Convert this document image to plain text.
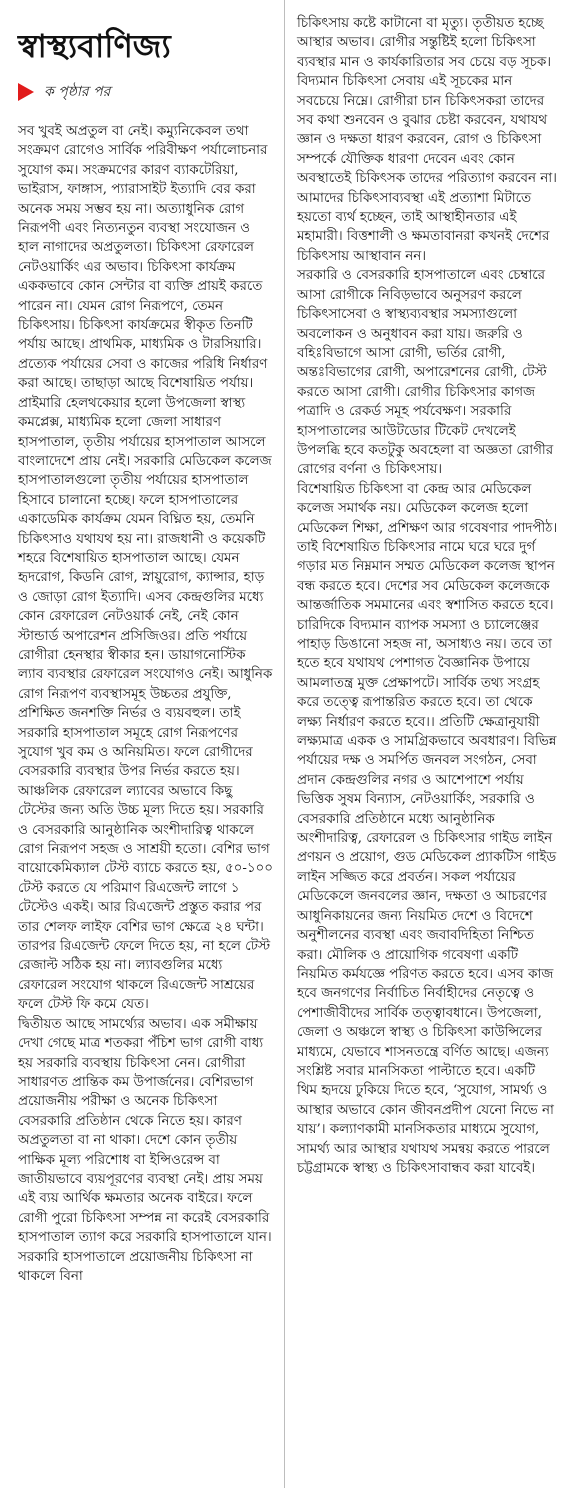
স্বাস্থ্যবাণিজ্য
ক পৃষ্ঠার পর

সব খুবই অপ্রতুল বা নেই। কম্যুনিকেবল তথা সংক্রমণ রোগেও সার্বিক পরিবীক্ষণ পর্যালোচনার সুযোগ কম। সংক্রমণের কারণ ব্যাকটেরিয়া, ভাইরাস, ফাঙ্গাস, প্যারাসাইট ইত্যাদি বের করা অনেক সময় সম্ভব হয় না। অত্যাধুনিক রোগ নিরূপণী এবং নিত্যনতুন ব্যবস্থা সংযোজন ও হাল নাগাদের অপ্রতুলতা। চিকিৎসা রেফারেল নেটওয়ার্কিং এর অভাব। চিকিৎসা কার্যক্রম এককভাবে কোন সেন্টার বা ব্যক্তি প্রায়ই করতে পারেন না। যেমন রোগ নিরূপণে, তেমন চিকিৎসায়। চিকিৎসা কার্যক্রমের স্বীকৃত তিনটি পর্যায় আছে। প্রাথমিক, মাধ্যমিক ও টারসিয়ারি। প্রত্যেক পর্যায়ের সেবা ও কাজের পরিধি নির্ধারণ করা আছে। তাছাড়া আছে বিশেষায়িত পর্যায়। প্রাইমারি হেলথকেয়ার হলো উপজেলা স্বাস্থ্য কমপ্লেক্স, মাধ্যমিক হলো জেলা সাধারণ হাসপাতাল, তৃতীয় পর্যায়ের হাসপাতাল আসলে বাংলাদেশে প্রায় নেই। সরকারি মেডিকেল কলেজ হাসপাতালগুলো তৃতীয় পর্যায়ের হাসপাতাল হিসাবে চালানো হচ্ছে। ফলে হাসপাতালের একাডেমিক কার্যক্রম যেমন বিঘ্নিত হয়, তেমনি চিকিৎসাও যথাযথ হয় না। রাজধানী ও কয়েকটি শহরে বিশেষায়িত হাসপাতাল আছে। যেমন হৃদরোগ, কিডনি রোগ, স্নায়ুরোগ, ক্যান্সার, হাড় ও জোড়া রোগ ইত্যাদি। এসব কেন্দ্রগুলির মধ্যে কোন রেফারেল নেটওয়ার্ক নেই, নেই কোন স্টান্ডার্ড অপারেশন প্রসিজিওর। প্রতি পর্যায়ে রোগীরা হেনস্থার স্বীকার হন। ডায়াগনোস্টিক ল্যাব ব্যবস্থার রেফারেল সংযোগও নেই। আধুনিক রোগ নিরূপণ ব্যবস্থাসমূহ উচ্চতর প্রযুক্তি, প্রশিক্ষিত জনশক্তি নির্ভর ও ব্যয়বহুল। তাই সরকারি হাসপাতাল সমূহে রোগ নিরূপণের সুযোগ খুব কম ও অনিয়মিত। ফলে রোগীদের বেসরকারি ব্যবস্থার উপর নির্ভর করতে হয়। আঞ্চলিক রেফারেল ল্যাবের অভাবে কিছু টেস্টের জন্য অতি উচ্চ মূল্য দিতে হয়। সরকারি ও বেসরকারি আনুষ্ঠানিক অংশীদারিত্ব থাকলে রোগ নিরূপণ সহজ ও সাশ্রয়ী হতো। বেশির ভাগ বায়োকেমিক্যাল টেস্ট ব্যাচে করতে হয়, ৫০-১০০ টেস্ট করতে যে পরিমাণ রিএজেন্ট লাগে ১ টেস্টেও একই। আর রিএজেন্ট প্রস্তুত করার পর তার শেলফ লাইফ বেশির ভাগ ক্ষেত্রে ২৪ ঘন্টা। তারপর রিএজেন্ট ফেলে দিতে হয়, না হলে টেস্ট রেজাল্ট সঠিক হয় না। ল্যাবগুলির মধ্যে রেফারেল সংযোগ থাকলে রিএজেন্ট সাশ্রয়ের ফলে টেস্ট ফি কমে যেত।

দ্বিতীয়ত আছে সামর্থ্যের অভাব। এক সমীক্ষায় দেখা গেছে মাত্র শতকরা পঁচিশ ভাগ রোগী বাধ্য হয় সরকারি ব্যবস্থায় চিকিৎসা নেন। রোগীরা সাধারণত প্রান্তিক কম উপার্জনের। বেশিরভাগ প্রয়োজনীয় পরীক্ষা ও অনেক চিকিৎসা বেসরকারি প্রতিষ্ঠান থেকে নিতে হয়। কারণ অপ্রতুলতা বা না থাকা। দেশে কোন তৃতীয় পাক্ষিক মূল্য পরিশোধ বা ইন্সিওরেন্স বা জাতীয়ভাবে ব্যয়পূরণের ব্যবস্থা নেই। প্রায় সময় এই ব্যয় আর্থিক ক্ষমতার অনেক বাইরে। ফলে রোগী পুরো চিকিৎসা সম্পন্ন না করেই বেসরকারি হাসপাতাল ত্যাগ করে সরকারি হাসপাতালে যান। সরকারি হাসপাতালে প্রয়োজনীয় চিকিৎসা না থাকলে বিনা

চিকিৎসায় কষ্টে কাটানো বা মৃত্যু। তৃতীয়ত হচ্ছে আস্থার অভাব। রোগীর সন্তুষ্টিই হলো চিকিৎসা ব্যবস্থার মান ও কার্যকারিতার সব চেয়ে বড় সূচক। বিদ্যমান চিকিৎসা সেবায় এই সূচকের মান সবচেয়ে নিম্নে। রোগীরা চান চিকিৎসকরা তাদের সব কথা শুনবেন ও বুঝার চেষ্টা করবেন, যথাযথ জ্ঞান ও দক্ষতা ধারণ করবেন, রোগ ও চিকিৎসা সম্পর্কে যৌক্তিক ধারণা দেবেন এবং কোন অবস্থাতেই চিকিৎসক তাদের পরিত্যাগ করবেন না। আমাদের চিকিৎসাব্যবস্থা এই প্রত্যাশা মিটাতে হয়তো ব্যর্থ হচ্ছেন, তাই আস্থাহীনতার এই মহামারী। বিত্তশালী ও ক্ষমতাবানরা কখনই দেশের চিকিৎসায় আস্থাবান নন।

সরকারি ও বেসরকারি হাসপাতালে এবং চেম্বারে আসা রোগীকে নিবিড়ভাবে অনুসরণ করলে চিকিৎসাসেবা ও স্বাস্থ্যব্যবস্থার সমস্যাগুলো অবলোকন ও অনুধাবন করা যায়। জরুরি ও বহিঃবিভাগে আসা রোগী, ভর্তির রোগী, অন্তঃবিভাগের রোগী, অপারেশনের রোগী, টেস্ট করতে আসা রোগী। রোগীর চিকিৎসার কাগজ পত্রাদি ও রেকর্ড সমূহ পর্যবেক্ষণ। সরকারি হাসপাতালের আউটডোর টিকেট দেখলেই উপলব্ধি হবে কতটুকু অবহেলা বা অজ্ঞতা রোগীর রোগের বর্ণনা ও চিকিৎসায়।

বিশেষায়িত চিকিৎসা বা কেন্দ্র আর মেডিকেল কলেজ সমার্থক নয়। মেডিকেল কলেজ হলো মেডিকেল শিক্ষা, প্রশিক্ষণ আর গবেষণার পাদপীঠ। তাই বিশেষায়িত চিকিৎসার নামে ঘরে ঘরে দুর্গ গড়ার মত নিম্নমান সম্মত মেডিকেল কলেজ স্থাপন বন্ধ করতে হবে। দেশের সব মেডিকেল কলেজকে আন্তর্জাতিক সমমানের এবং স্বশাসিত করতে হবে।

চারিদিকে বিদ্যমান ব্যাপক সমস্যা ও চ্যালেঞ্জের পাহাড় ডিঙানো সহজ না, অসাধ্যও নয়। তবে তা হতে হবে যথাযথ পেশাগত বৈজ্ঞানিক উপায়ে আমলাতন্ত্র মুক্ত প্রেক্ষাপটে। সার্বিক তথ্য সংগ্রহ করে তত্ত্বে রূপান্তরিত করতে হবে। তা থেকে লক্ষ্য নির্ধারণ করতে হবে।। প্রতিটি ক্ষেত্রানুযায়ী লক্ষ্যমাত্র একক ও সামগ্রিকভাবে অবধারণ। বিভিন্ন পর্যায়ের দক্ষ ও সমর্পিত জনবল সংগঠন, সেবা প্রদান কেন্দ্রগুলির নগর ও আশেপাশে পর্যায় ভিত্তিক সুষম বিন্যাস, নেটওয়ার্কিং, সরকারি ও বেসরকারি প্রতিষ্ঠানে মধ্যে আনুষ্ঠানিক অংশীদারিত্ব, রেফারেল ও চিকিৎসার গাইড লাইন প্রণয়ন ও প্রয়োগ, গুড মেডিকেল প্র্যাকটিস গাইড লাইন সজ্জিত করে প্রবর্তন। সকল পর্যায়ের মেডিকেলে জনবলের জ্ঞান, দক্ষতা ও আচরণের আধুনিকায়নের জন্য নিয়মিত দেশে ও বিদেশে অনুশীলনের ব্যবস্থা এবং জবাবদিহিতা নিশ্চিত করা। মৌলিক ও প্রায়োগিক গবেষণা একটি নিয়মিত কর্মযজ্ঞে পরিণত করতে হবে। এসব কাজ হবে জনগণের নির্বাচিত নির্বাহীদের নেতৃত্বে ও পেশাজীবীদের সার্বিক তত্ত্বাবধানে। উপজেলা, জেলা ও অঞ্চলে স্বাস্থ্য ও চিকিৎসা কাউন্সিলের মাধ্যমে, যেভাবে শাসনতন্ত্রে বর্ণিত আছে। এজন্য সংশ্লিষ্ট সবার মানসিকতা পাল্টাতে হবে। একটি থিম হৃদয়ে ঢুকিয়ে দিতে হবে, ‘সুযোগ, সামর্থ্য ও আস্থার অভাবে কোন জীবনপ্রদীপ যেনো নিভে না যায়’। কল্যাণকামী মানসিকতার মাধ্যমে সুযোগ, সামর্থ্য আর আস্থার যথাযথ সমন্বয় করতে পারলে চট্টগ্রামকে স্বাস্থ্য ও চিকিৎসাবান্ধব করা যাবেই।
